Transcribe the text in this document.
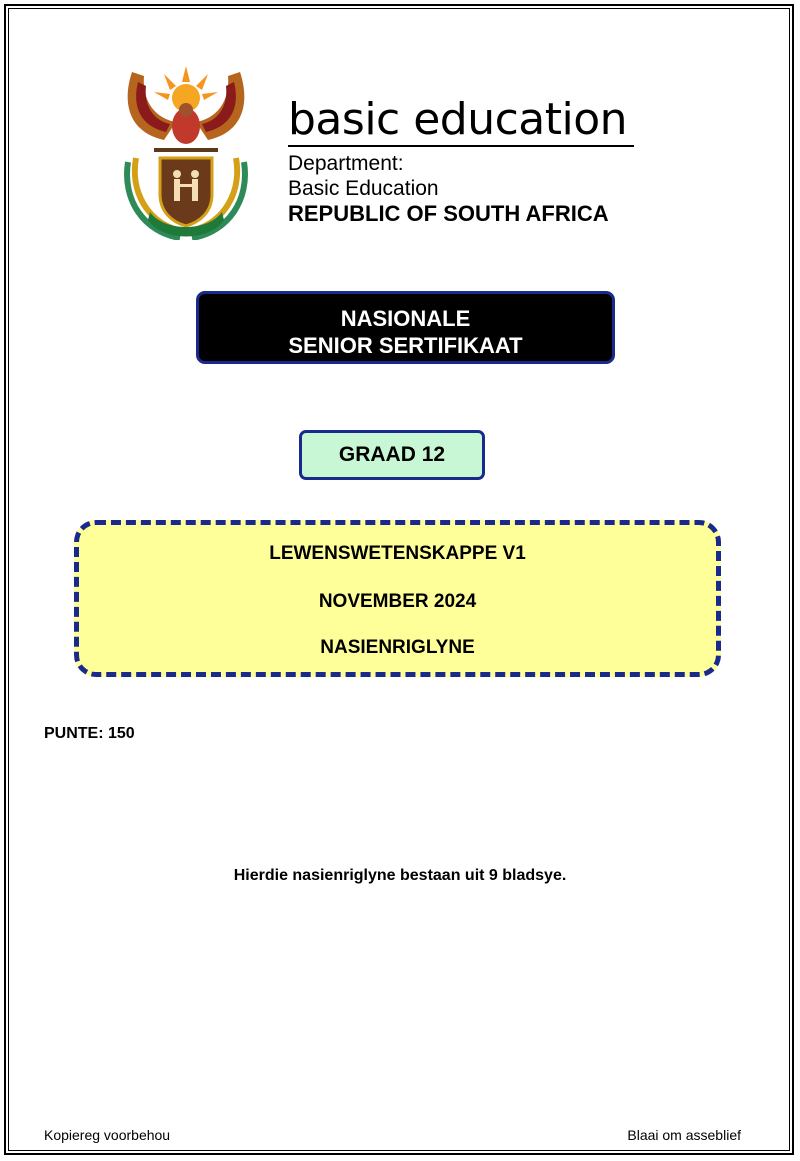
basic education
Department:
Basic Education
REPUBLIC OF SOUTH AFRICA
NASIONALE
SENIOR SERTIFIKAAT
GRAAD 12
LEWENSWETENSKAPPE V1
NOVEMBER 2024
NASIENRIGLYNE
PUNTE: 150
Hierdie nasienriglyne bestaan uit 9 bladsye.
Kopiereg voorbehou	Blaai om asseblief
